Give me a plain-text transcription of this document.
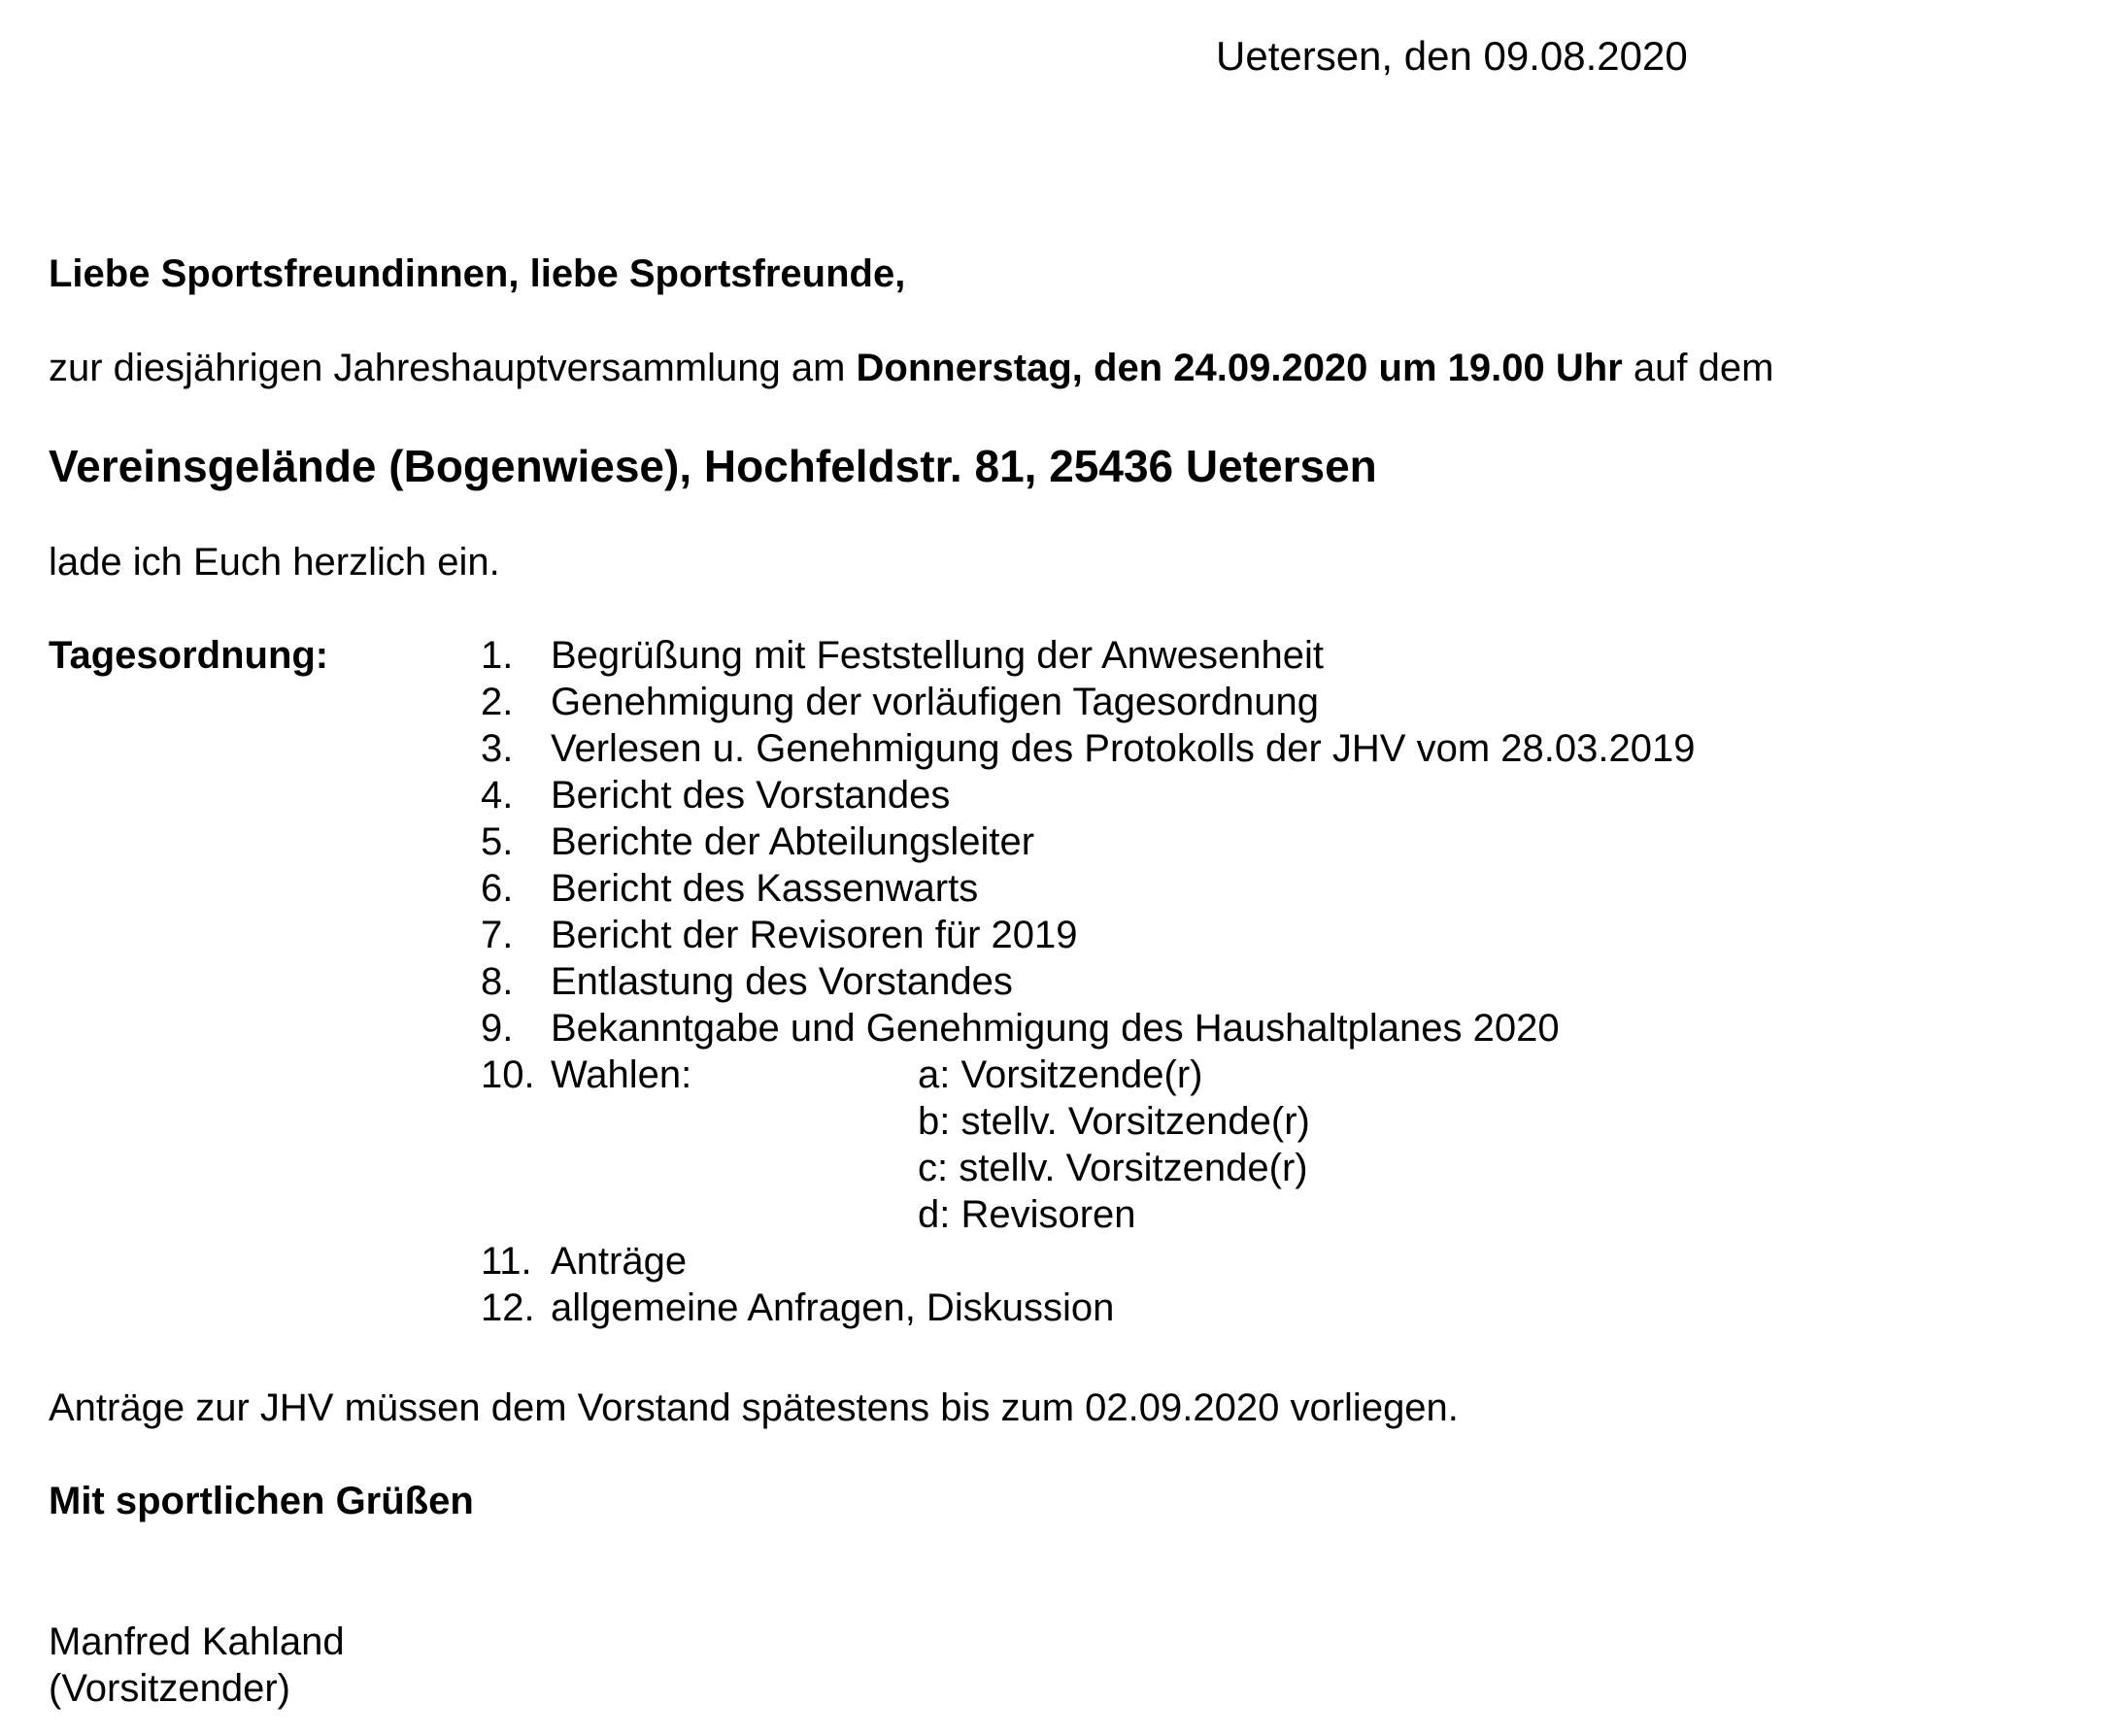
Uetersen, den 09.08.2020
Liebe Sportsfreundinnen, liebe Sportsfreunde,
zur diesjährigen Jahreshauptversammlung am Donnerstag, den 24.09.2020 um 19.00 Uhr auf dem
Vereinsgelände (Bogenwiese), Hochfeldstr. 81, 25436 Uetersen
lade ich Euch herzlich ein.
Tagesordnung:	1. Begrüßung mit Feststellung der Anwesenheit
2. Genehmigung der vorläufigen Tagesordnung
3. Verlesen u. Genehmigung des Protokolls der JHV vom 28.03.2019
4. Bericht des Vorstandes
5. Berichte der Abteilungsleiter
6. Bericht des Kassenwarts
7. Bericht der Revisoren für 2019
8. Entlastung des Vorstandes
9. Bekanntgabe und Genehmigung des Haushaltplanes 2020
10. Wahlen:	a: Vorsitzende(r)
b: stellv. Vorsitzende(r)
c: stellv. Vorsitzende(r)
d: Revisoren
11. Anträge
12. allgemeine Anfragen, Diskussion
Anträge zur JHV müssen dem Vorstand spätestens bis zum 02.09.2020 vorliegen.
Mit sportlichen Grüßen
Manfred Kahland
(Vorsitzender)
